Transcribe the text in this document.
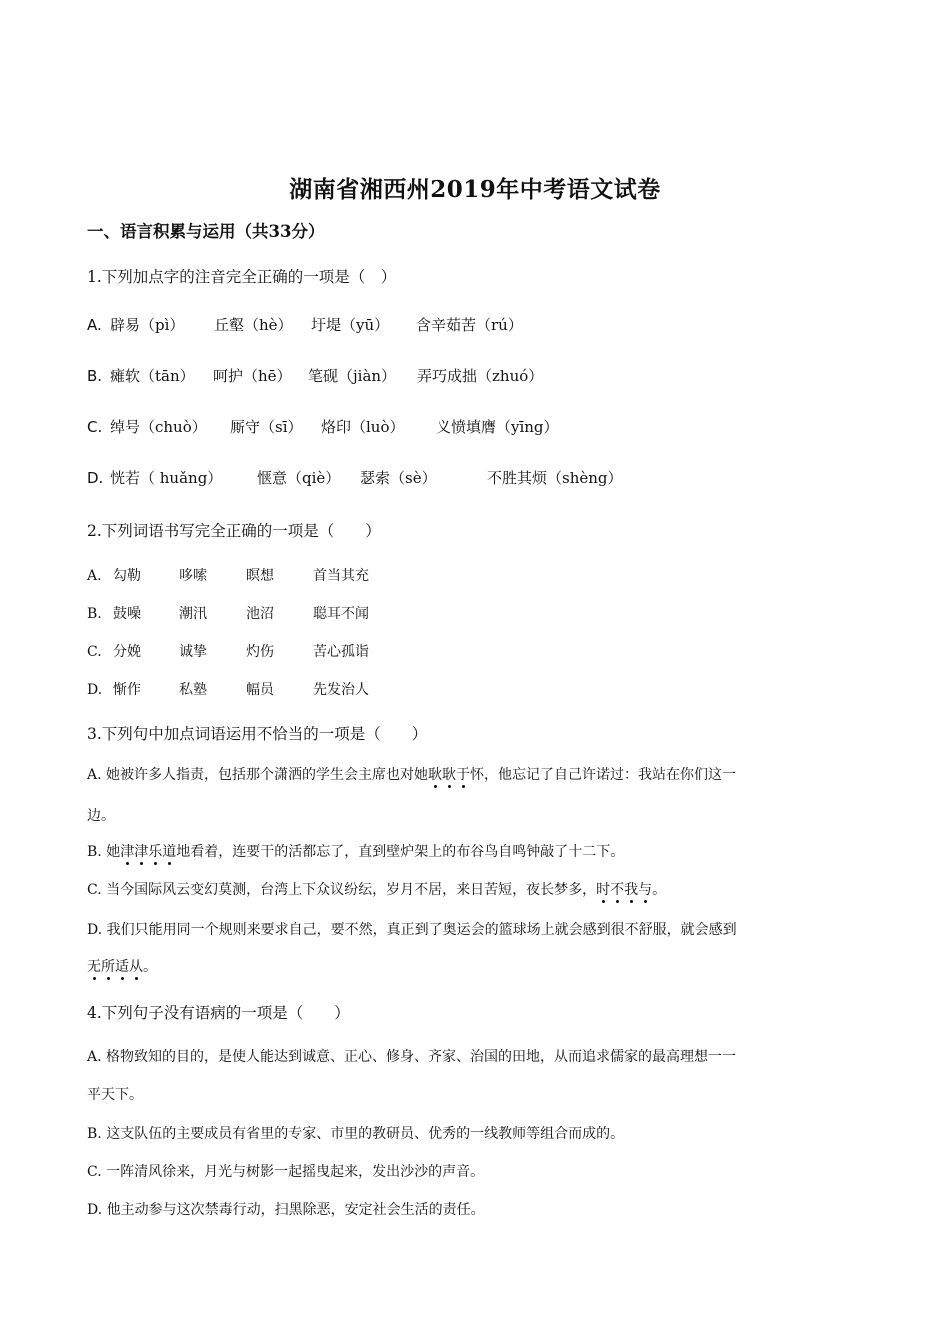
湖南省湘西州2019年中考语文试卷
一、语言积累与运用（共33分）
1.下列加点字的注音完全正确的一项是（　）
A. 辟易（pì） 丘壑（hè） 圩堤（yū） 含辛茹苦（rú）
B. 瘫软（tān） 呵护（hē） 笔砚（jiàn） 弄巧成拙（zhuó）
C. 绰号（chuò） 厮守（sī） 烙印（luò） 义愤填膺（yīng）
D. 恍若（ huǎng） 惬意（qiè） 瑟索（sè）	不胜其烦（shèng）
2.下列词语书写完全正确的一项是（　　）
A. 勾勒	哆嗦	瞑想	首当其充
B. 鼓噪	潮汛	池沼	聪耳不闻
C. 分娩	诚挚	灼伤	苦心孤诣
D. 惭作	私塾	幅员	先发治人
3.下列句中加点词语运用不恰当的一项是（　　）
A. 她被许多人指责，包括那个潇洒的学生会主席也对她耿耿于怀，他忘记了自己许诺过：我站在你们这一
边。
B. 她津津乐道地看着，连要干的活都忘了，直到壁炉架上的布谷鸟自鸣钟敲了十二下。
C. 当今国际风云变幻莫测，台湾上下众议纷纭，岁月不居，来日苦短，夜长梦多，时不我与。
D. 我们只能用同一个规则来要求自己，要不然，真正到了奥运会的篮球场上就会感到很不舒服，就会感到
无所适从。
4.下列句子没有语病的一项是（　　）
A. 格物致知的目的，是使人能达到诚意、正心、修身、齐家、治国的田地，从而追求儒家的最高理想一一
平天下。
B. 这支队伍的主要成员有省里的专家、市里的教研员、优秀的一线教师等组合而成的。
C. 一阵清风徐来，月光与树影一起摇曳起来，发出沙沙的声音。
D. 他主动参与这次禁毒行动，扫黑除恶，安定社会生活的责任。
